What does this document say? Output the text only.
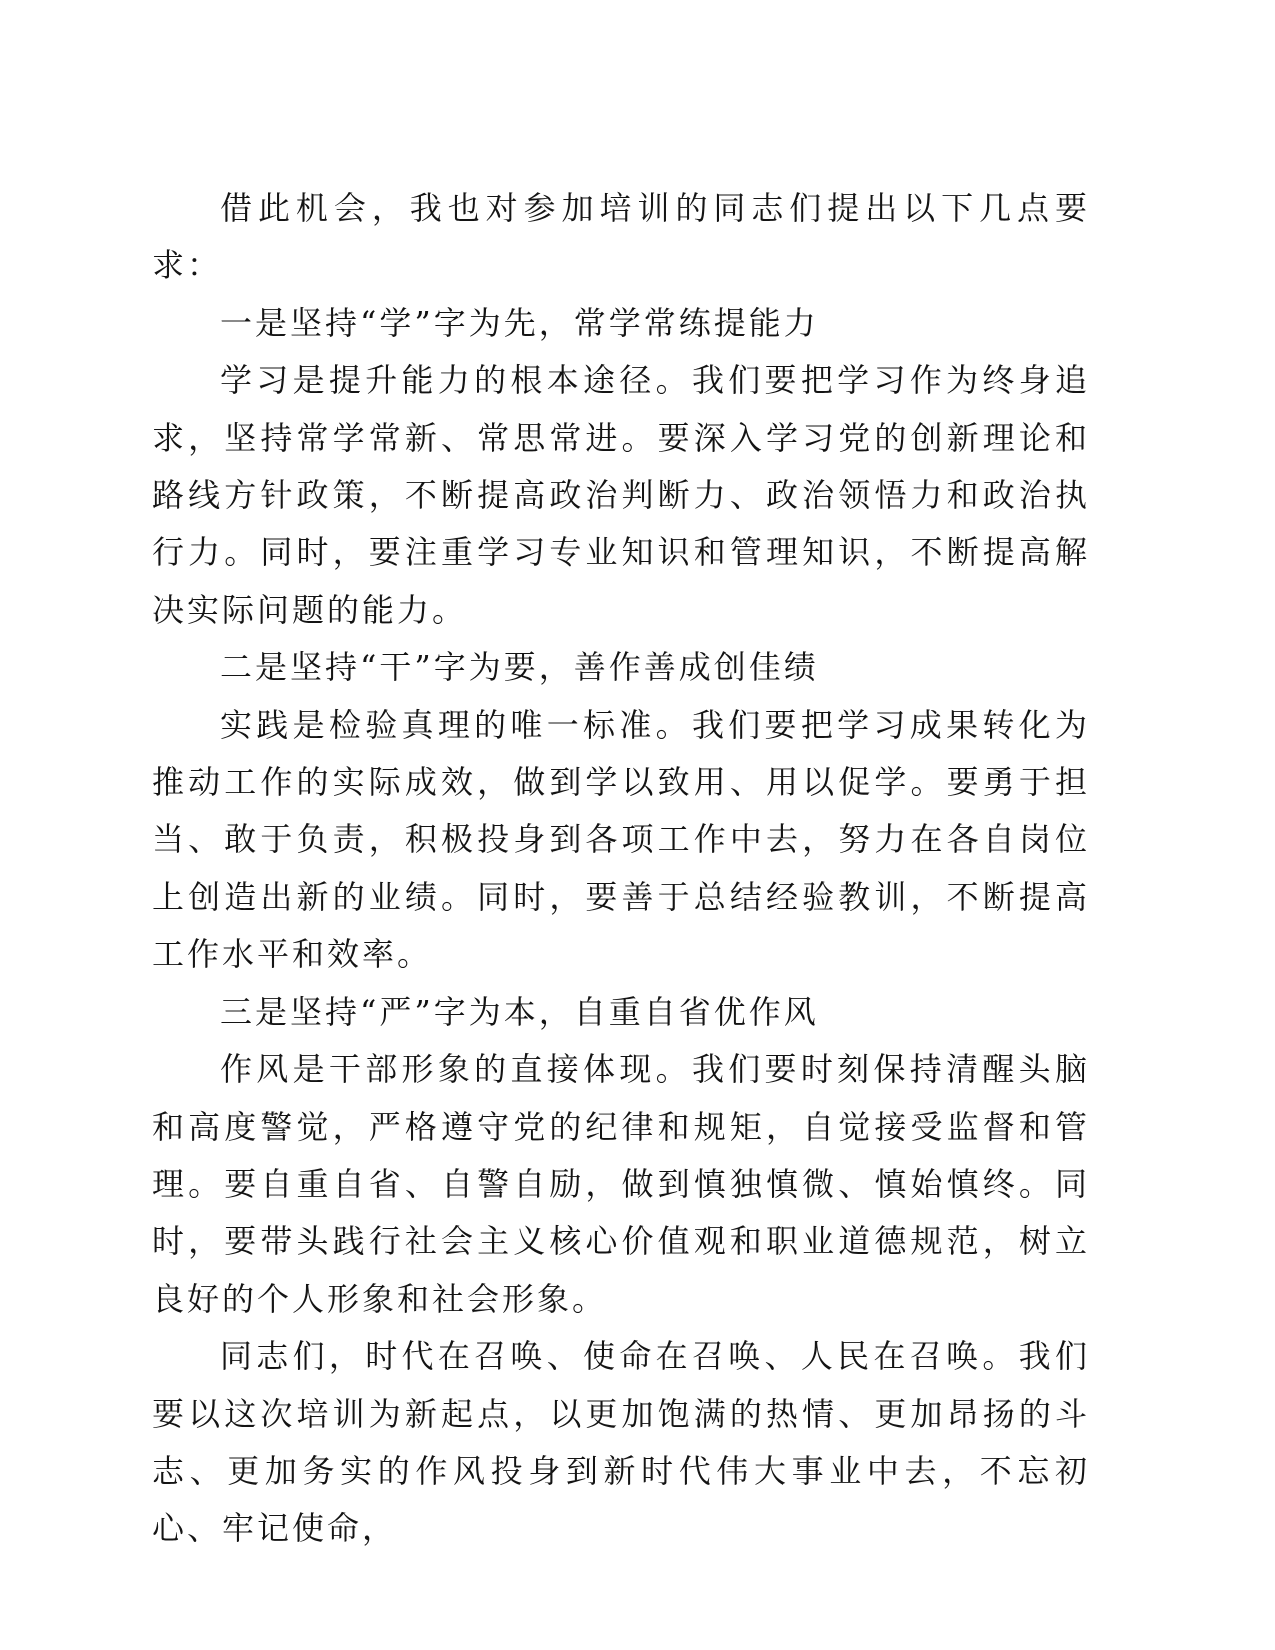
借此机会，我也对参加培训的同志们提出以下几点要求：

一是坚持“学”字为先，常学常练提能力

学习是提升能力的根本途径。我们要把学习作为终身追求，坚持常学常新、常思常进。要深入学习党的创新理论和路线方针政策，不断提高政治判断力、政治领悟力和政治执行力。同时，要注重学习专业知识和管理知识，不断提高解决实际问题的能力。

二是坚持“干”字为要，善作善成创佳绩

实践是检验真理的唯一标准。我们要把学习成果转化为推动工作的实际成效，做到学以致用、用以促学。要勇于担当、敢于负责，积极投身到各项工作中去，努力在各自岗位上创造出新的业绩。同时，要善于总结经验教训，不断提高工作水平和效率。

三是坚持“严”字为本，自重自省优作风

作风是干部形象的直接体现。我们要时刻保持清醒头脑和高度警觉，严格遵守党的纪律和规矩，自觉接受监督和管理。要自重自省、自警自励，做到慎独慎微、慎始慎终。同时，要带头践行社会主义核心价值观和职业道德规范，树立良好的个人形象和社会形象。

同志们，时代在召唤、使命在召唤、人民在召唤。我们要以这次培训为新起点，以更加饱满的热情、更加昂扬的斗志、更加务实的作风投身到新时代伟大事业中去，不忘初心、牢记使命，
